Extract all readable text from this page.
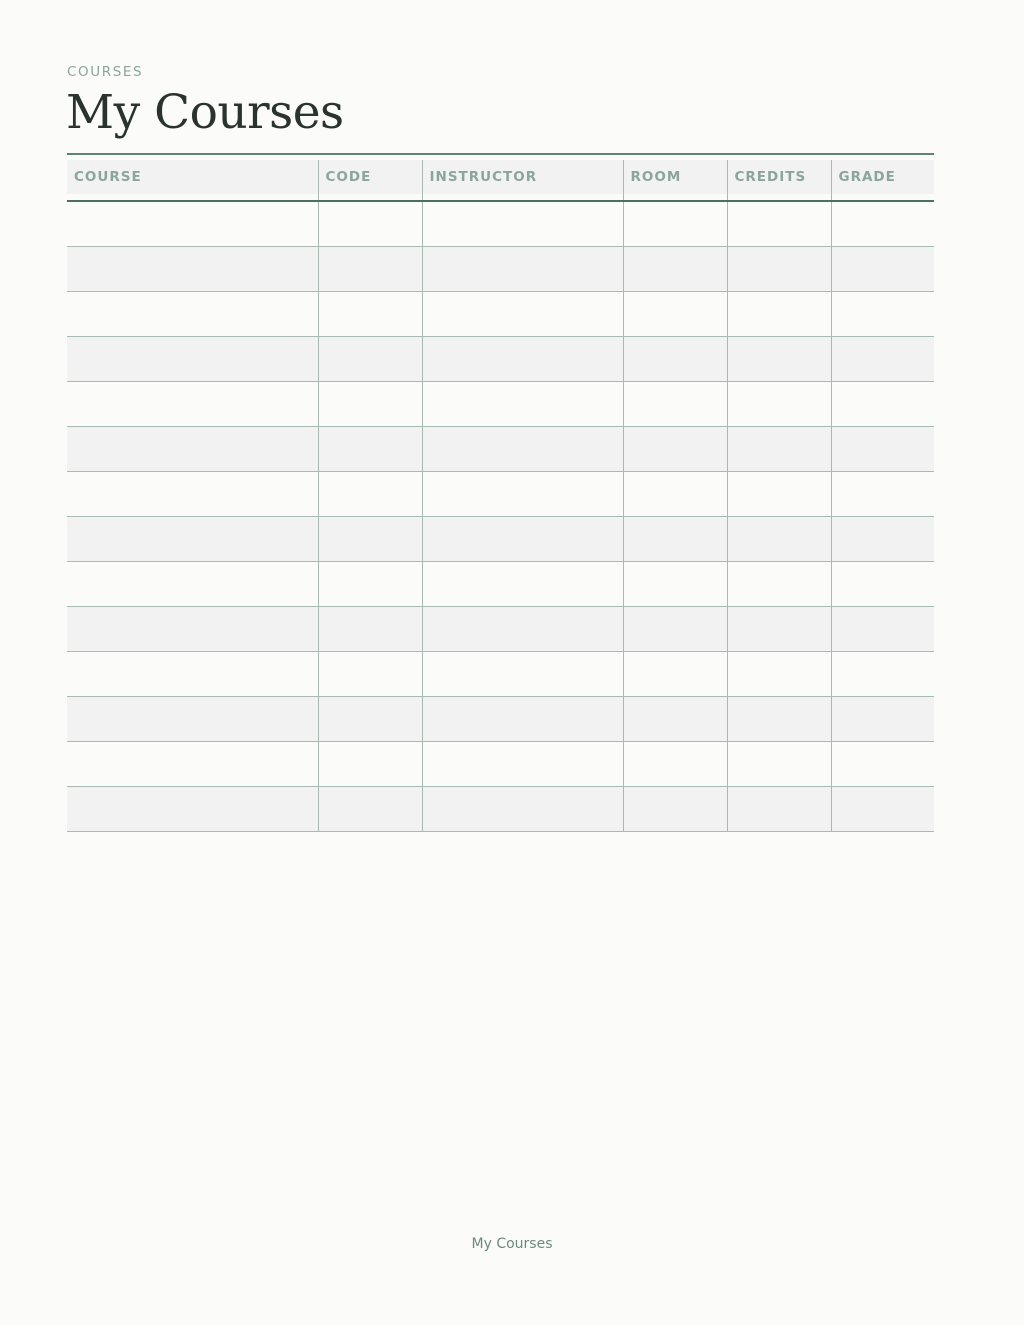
COURSES
My Courses
COURSE	CODE	INSTRUCTOR	ROOM	CREDITS	GRADE

My Courses
